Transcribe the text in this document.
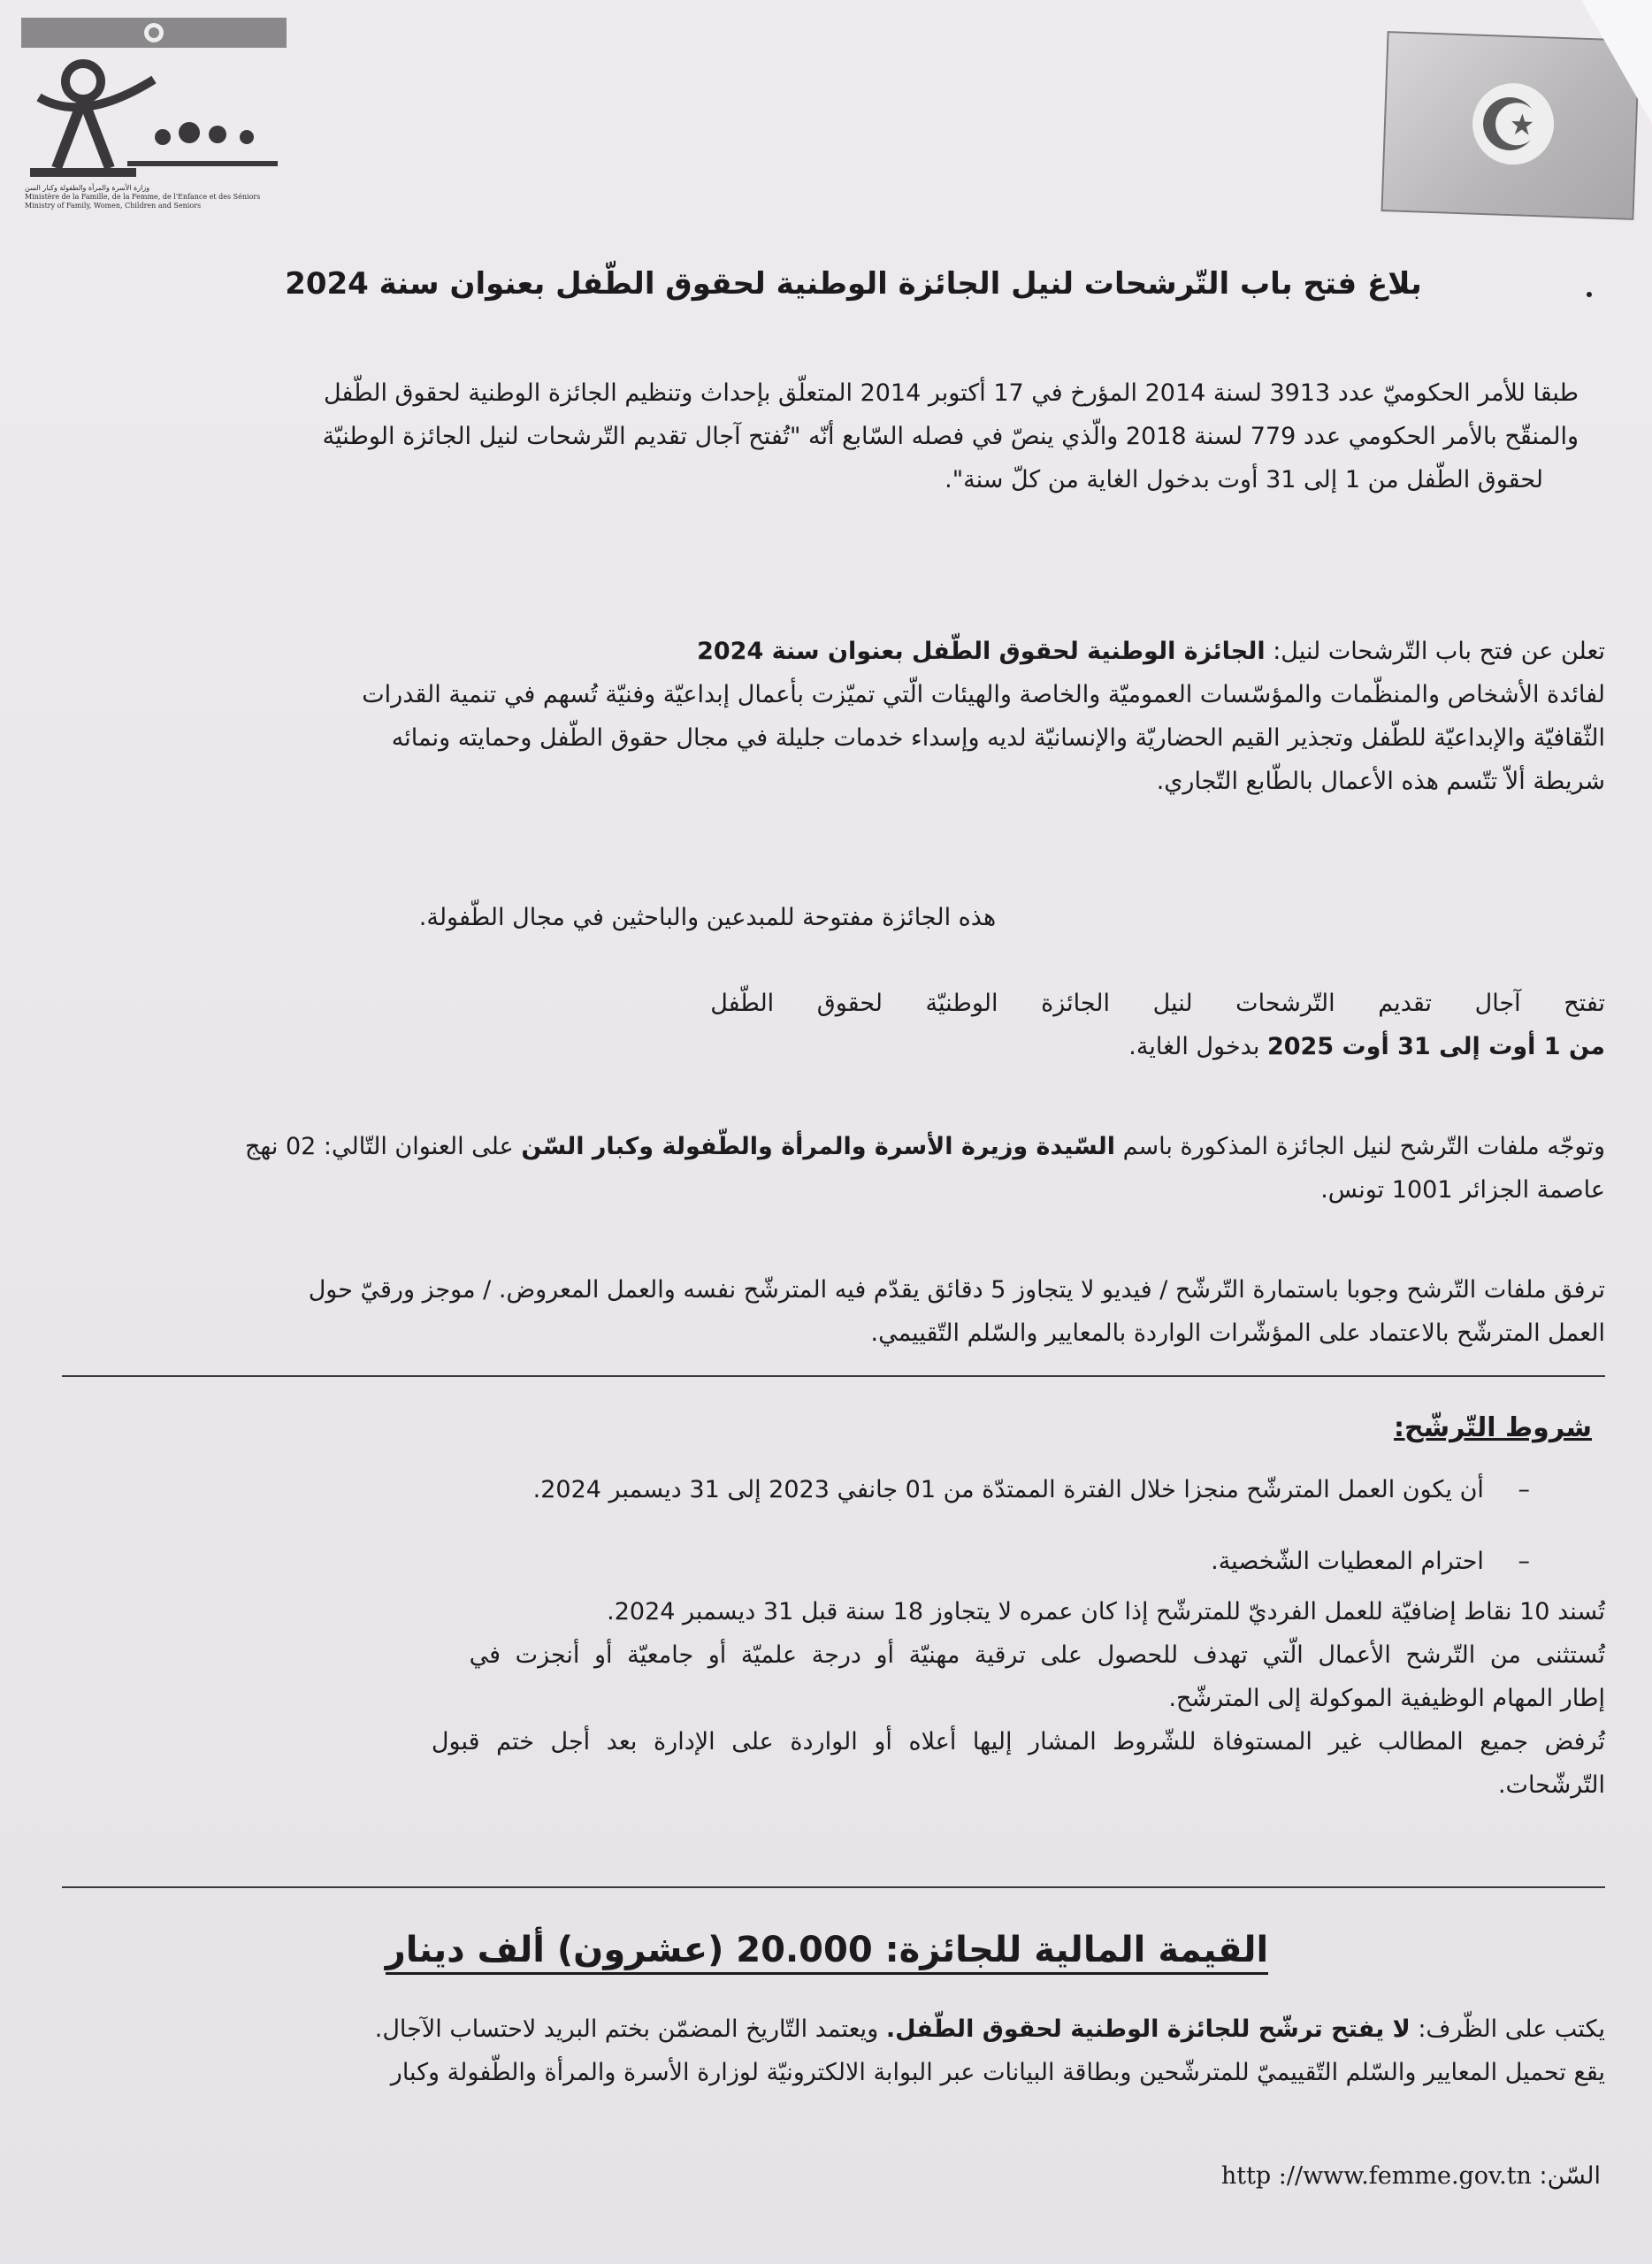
وزارة الأسرة والمرأة والطفولة وكبار السن
Ministère de la Famille, de la Femme, de l'Enfance et des Séniors
Ministry of Family, Women, Children and Seniors
بلاغ فتح باب التّرشحات لنيل الجائزة الوطنية لحقوق الطّفل بعنوان سنة 2024

طبقا للأمر الحكوميّ عدد 3913 لسنة 2014 المؤرخ في 17 أكتوبر 2014 المتعلّق بإحداث وتنظيم الجائزة الوطنية لحقوق الطّفل

والمنقّح بالأمر الحكومي عدد 779 لسنة 2018 والّذي ينصّ في فصله السّابع أنّه "تُفتح آجال تقديم التّرشحات لنيل الجائزة الوطنيّة

لحقوق الطّفل من 1 إلى 31 أوت بدخول الغاية من كلّ سنة".

تعلن عن فتح باب التّرشحات لنيل: الجائزة الوطنية لحقوق الطّفل بعنوان سنة 2024

لفائدة الأشخاص والمنظّمات والمؤسّسات العموميّة والخاصة والهيئات الّتي تميّزت بأعمال إبداعيّة وفنيّة تُسهم في تنمية القدرات

الثّقافيّة والإبداعيّة للطّفل وتجذير القيم الحضاريّة والإنسانيّة لديه وإسداء خدمات جليلة في مجال حقوق الطّفل وحمايته ونمائه

شريطة ألاّ تتّسم هذه الأعمال بالطّابع التّجاري.

هذه الجائزة مفتوحة للمبدعين والباحثين في مجال الطّفولة.

تفتح آجال تقديم التّرشحات لنيل الجائزة الوطنيّة لحقوق الطّفل

من 1 أوت إلى 31 أوت 2025 بدخول الغاية.

وتوجّه ملفات التّرشح لنيل الجائزة المذكورة باسم السّيدة وزيرة الأسرة والمرأة والطّفولة وكبار السّن على العنوان التّالي: 02 نهج

عاصمة الجزائر 1001 تونس.

ترفق ملفات التّرشح وجوبا باستمارة التّرشّح / فيديو لا يتجاوز 5 دقائق يقدّم فيه المترشّح نفسه والعمل المعروض. / موجز ورقيّ حول

العمل المترشّح بالاعتماد على المؤشّرات الواردة بالمعايير والسّلم التّقييمي.

شروط التّرشّح:
– أن يكون العمل المترشّح منجزا خلال الفترة الممتدّة من 01 جانفي 2023 إلى 31 ديسمبر 2024.
– احترام المعطيات الشّخصية.

تُسند 10 نقاط إضافيّة للعمل الفرديّ للمترشّح إذا كان عمره لا يتجاوز 18 سنة قبل 31 ديسمبر 2024.

تُستثنى من التّرشح الأعمال الّتي تهدف للحصول على ترقية مهنيّة أو درجة علميّة أو جامعيّة أو أنجزت في

إطار المهام الوظيفية الموكولة إلى المترشّح.

تُرفض جميع المطالب غير المستوفاة للشّروط المشار إليها أعلاه أو الواردة على الإدارة بعد أجل ختم قبول

التّرشّحات.

القيمة المالية للجائزة: 20.000 (عشرون) ألف دينار

يكتب على الظّرف: لا يفتح ترشّح للجائزة الوطنية لحقوق الطّفل. ويعتمد التّاريخ المضمّن بختم البريد لاحتساب الآجال.

يقع تحميل المعايير والسّلم التّقييميّ للمترشّحين وبطاقة البيانات عبر البوابة الالكترونيّة لوزارة الأسرة والمرأة والطّفولة وكبار

السّن: http ://www.femme.gov.tn
